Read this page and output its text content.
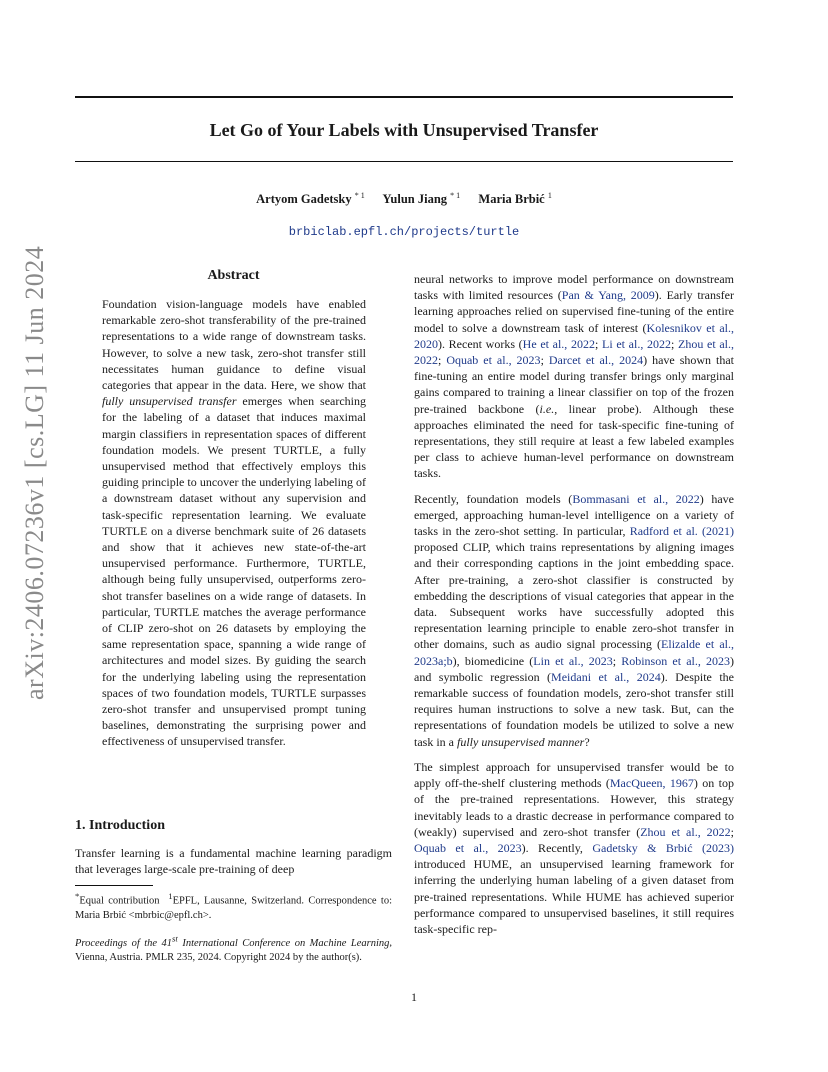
arXiv:2406.07236v1 [cs.LG] 11 Jun 2024
Let Go of Your Labels with Unsupervised Transfer
Artyom Gadetsky $^{* 1}$ Yulun Jiang $^{* 1}$ Maria Brbić $^1$
brbiclab.epfl.ch/projects/turtle
Abstract
Foundation vision-language models have enabled remarkable zero-shot transferability of the pre-trained representations to a wide range of downstream tasks. However, to solve a new task, zero-shot transfer still necessitates human guidance to define visual categories that appear in the data. Here, we show that fully unsupervised transfer emerges when searching for the labeling of a dataset that induces maximal margin classifiers in representation spaces of different foundation models. We present TURTLE, a fully unsupervised method that effectively employs this guiding principle to uncover the underlying labeling of a downstream dataset without any supervision and task-specific representation learning. We evaluate TURTLE on a diverse benchmark suite of 26 datasets and show that it achieves new state-of-the-art unsupervised performance. Furthermore, TURTLE, although being fully unsupervised, outperforms zero-shot transfer baselines on a wide range of datasets. In particular, TURTLE matches the average performance of CLIP zero-shot on 26 datasets by employing the same representation space, spanning a wide range of architectures and model sizes. By guiding the search for the underlying labeling using the representation spaces of two foundation models, TURTLE surpasses zero-shot transfer and unsupervised prompt tuning baselines, demonstrating the surprising power and effectiveness of unsupervised transfer.
1. Introduction
Transfer learning is a fundamental machine learning paradigm that leverages large-scale pre-training of deep
*Equal contribution $^1$EPFL, Lausanne, Switzerland. Correspondence to: Maria Brbić <mbrbic@epfl.ch>.
Proceedings of the 41st International Conference on Machine Learning, Vienna, Austria. PMLR 235, 2024. Copyright 2024 by the author(s).

neural networks to improve model performance on downstream tasks with limited resources (Pan & Yang, 2009). Early transfer learning approaches relied on supervised fine-tuning of the entire model to solve a downstream task of interest (Kolesnikov et al., 2020). Recent works (He et al., 2022; Li et al., 2022; Zhou et al., 2022; Oquab et al., 2023; Darcet et al., 2024) have shown that fine-tuning an entire model during transfer brings only marginal gains compared to training a linear classifier on top of the frozen pre-trained backbone (i.e., linear probe). Although these approaches eliminated the need for task-specific fine-tuning of representations, they still require at least a few labeled examples per class to achieve human-level performance on downstream tasks.

Recently, foundation models (Bommasani et al., 2022) have emerged, approaching human-level intelligence on a variety of tasks in the zero-shot setting. In particular, Radford et al. (2021) proposed CLIP, which trains representations by aligning images and their corresponding captions in the joint embedding space. After pre-training, a zero-shot classifier is constructed by embedding the descriptions of visual categories that appear in the data. Subsequent works have successfully adopted this representation learning principle to enable zero-shot transfer in other domains, such as audio signal processing (Elizalde et al., 2023a;b), biomedicine (Lin et al., 2023; Robinson et al., 2023) and symbolic regression (Meidani et al., 2024). Despite the remarkable success of foundation models, zero-shot transfer still requires human instructions to solve a new task. But, can the representations of foundation models be utilized to solve a new task in a fully unsupervised manner?

The simplest approach for unsupervised transfer would be to apply off-the-shelf clustering methods (MacQueen, 1967) on top of the pre-trained representations. However, this strategy inevitably leads to a drastic decrease in performance compared to (weakly) supervised and zero-shot transfer (Zhou et al., 2022; Oquab et al., 2023). Recently, Gadetsky & Brbić (2023) introduced HUME, an unsupervised learning framework for inferring the underlying human labeling of a given dataset from pre-trained representations. While HUME has achieved superior performance compared to unsupervised baselines, it still requires task-specific rep-

1
